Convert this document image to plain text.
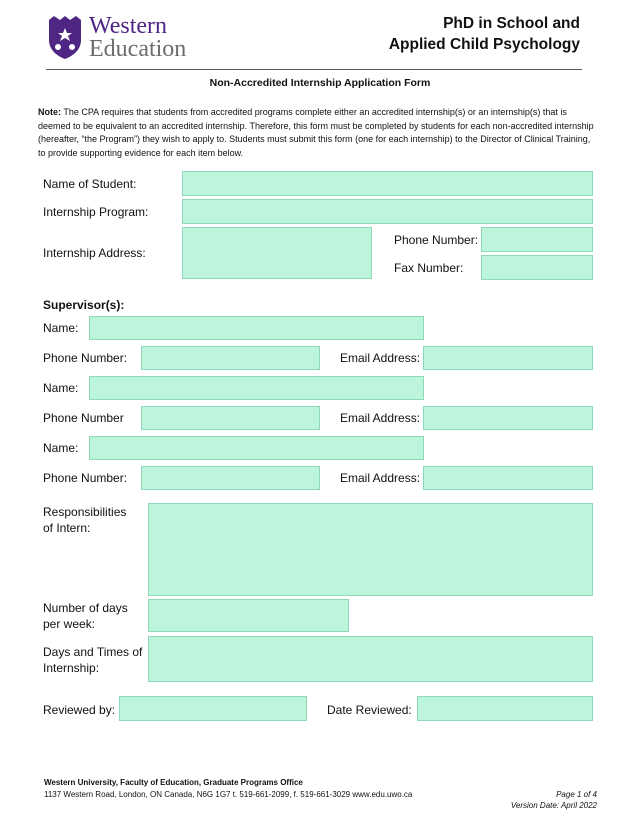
Western
Education
PhD in School and
Applied Child Psychology
Non-Accredited Internship Application Form
Note: The CPA requires that students from accredited programs complete either an accredited internship(s) or an internship(s) that is deemed to be equivalent to an accredited internship. Therefore, this form must be completed by students for each non-accredited internship (hereafter, “the Program”) they wish to apply to. Students must submit this form (one for each internship) to the Director of Clinical Training, to provide supporting evidence for each item below.
Name of Student:
Internship Program:
Internship Address:
Phone Number:
Fax Number:
Supervisor(s):
Name:
Phone Number:	Email Address:
Name:
Phone Number	Email Address:
Name:
Phone Number:	Email Address:
Responsibilities
of Intern:
Number of days
per week:
Days and Times of
Internship:
Reviewed by:	Date Reviewed:
Western University, Faculty of Education, Graduate Programs Office
1137 Western Road, London, ON Canada, N6G 1G7 t. 519-661-2099, f. 519-661-3029 www.edu.uwo.ca	Page 1 of 4
Version Date: April 2022
